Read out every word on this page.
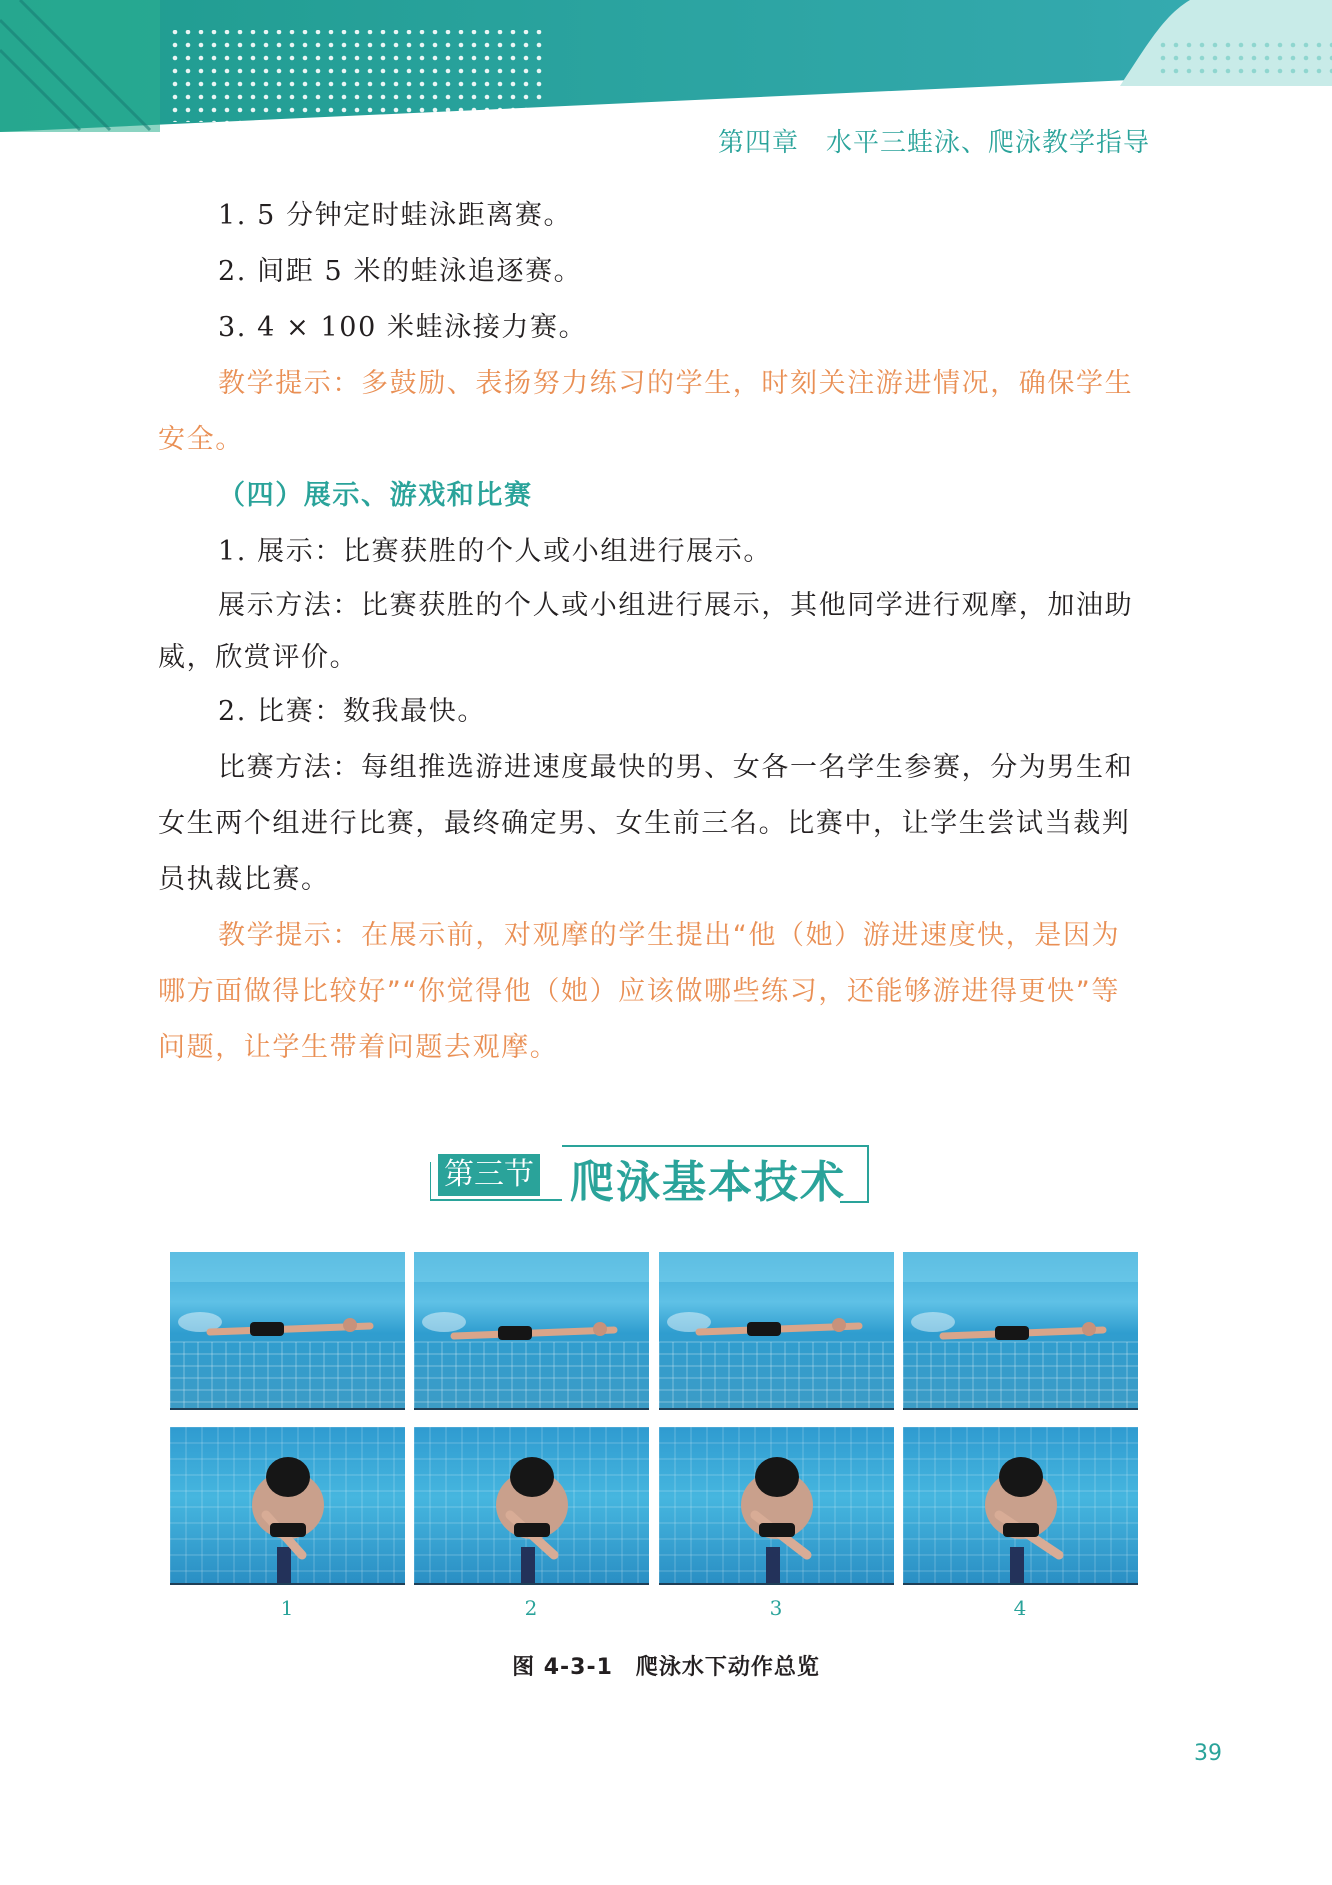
第四章　水平三蛙泳、爬泳教学指导

1. 5 分钟定时蛙泳距离赛。

2. 间距 5 米的蛙泳追逐赛。

3. 4 × 100 米蛙泳接力赛。

教学提示：多鼓励、表扬努力练习的学生，时刻关注游进情况，确保学生安全。

（四）展示、游戏和比赛

1. 展示：比赛获胜的个人或小组进行展示。

展示方法：比赛获胜的个人或小组进行展示，其他同学进行观摩，加油助威，欣赏评价。

2. 比赛：数我最快。

比赛方法：每组推选游进速度最快的男、女各一名学生参赛，分为男生和女生两个组进行比赛，最终确定男、女生前三名。比赛中，让学生尝试当裁判员执裁比赛。

教学提示：在展示前，对观摩的学生提出“他（她）游进速度快，是因为哪方面做得比较好”“你觉得他（她）应该做哪些练习，还能够游进得更快”等问题，让学生带着问题去观摩。

第三节 爬泳基本技术
1	2	3	4
图 4-3-1　爬泳水下动作总览
39
